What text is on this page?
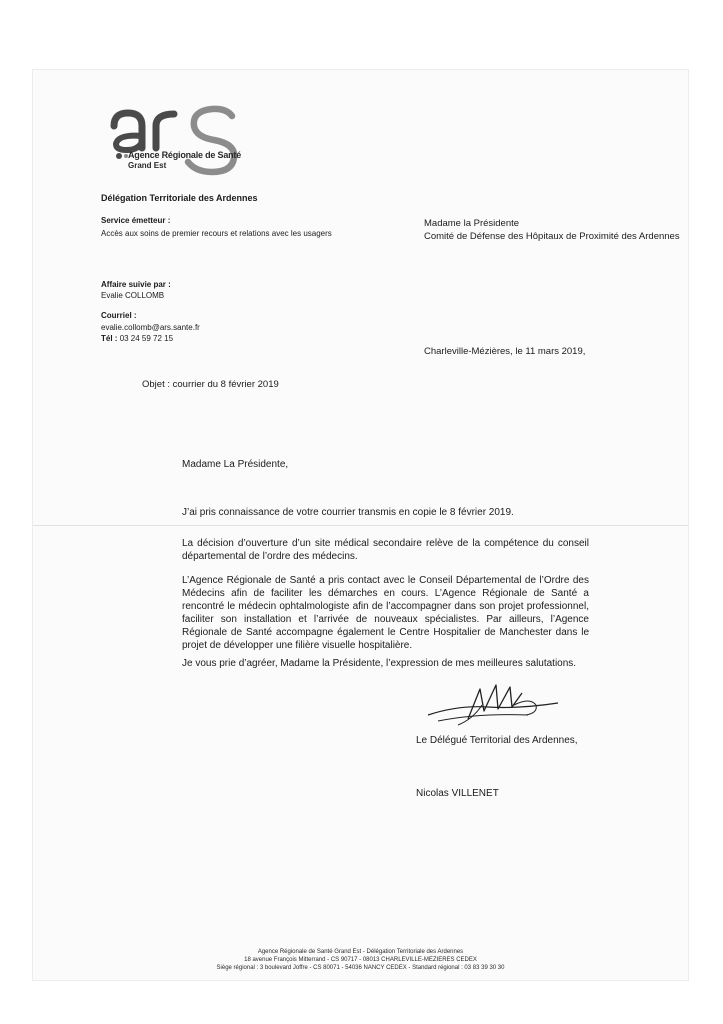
Agence Régionale de Santé
Grand Est
Délégation Territoriale des Ardennes
Service émetteur :
Accès aux soins de premier recours et relations avec les usagers
Affaire suivie par :
Evalie COLLOMB
Courriel :
evalie.collomb@ars.sante.fr
Tél : 03 24 59 72 15
Madame la Présidente
Comité de Défense des Hôpitaux de Proximité des Ardennes
Charleville-Mézières, le 11 mars 2019,
Objet : courrier du 8 février 2019
Madame La Présidente,
J’ai pris connaissance de votre courrier transmis en copie le 8 février 2019.
La décision d’ouverture d’un site médical secondaire relève de la compétence du conseil départemental de l’ordre des médecins.
L’Agence Régionale de Santé a pris contact avec le Conseil Départemental de l’Ordre des Médecins afin de faciliter les démarches en cours. L’Agence Régionale de Santé a rencontré le médecin ophtalmologiste afin de l’accompagner dans son projet professionnel, faciliter son installation et l’arrivée de nouveaux spécialistes. Par ailleurs, l’Agence Régionale de Santé accompagne également le Centre Hospitalier de Manchester dans le projet de développer une filière visuelle hospitalière.
Je vous prie d’agréer, Madame la Présidente, l’expression de mes meilleures salutations.
Le Délégué Territorial des Ardennes,
Nicolas VILLENET
Agence Régionale de Santé Grand Est - Délégation Territoriale des Ardennes
18 avenue François Mitterrand - CS 90717 - 08013 CHARLEVILLE-MEZIERES CEDEX
Siège régional : 3 boulevard Joffre - CS 80071 - 54036 NANCY CEDEX - Standard régional : 03 83 39 30 30
